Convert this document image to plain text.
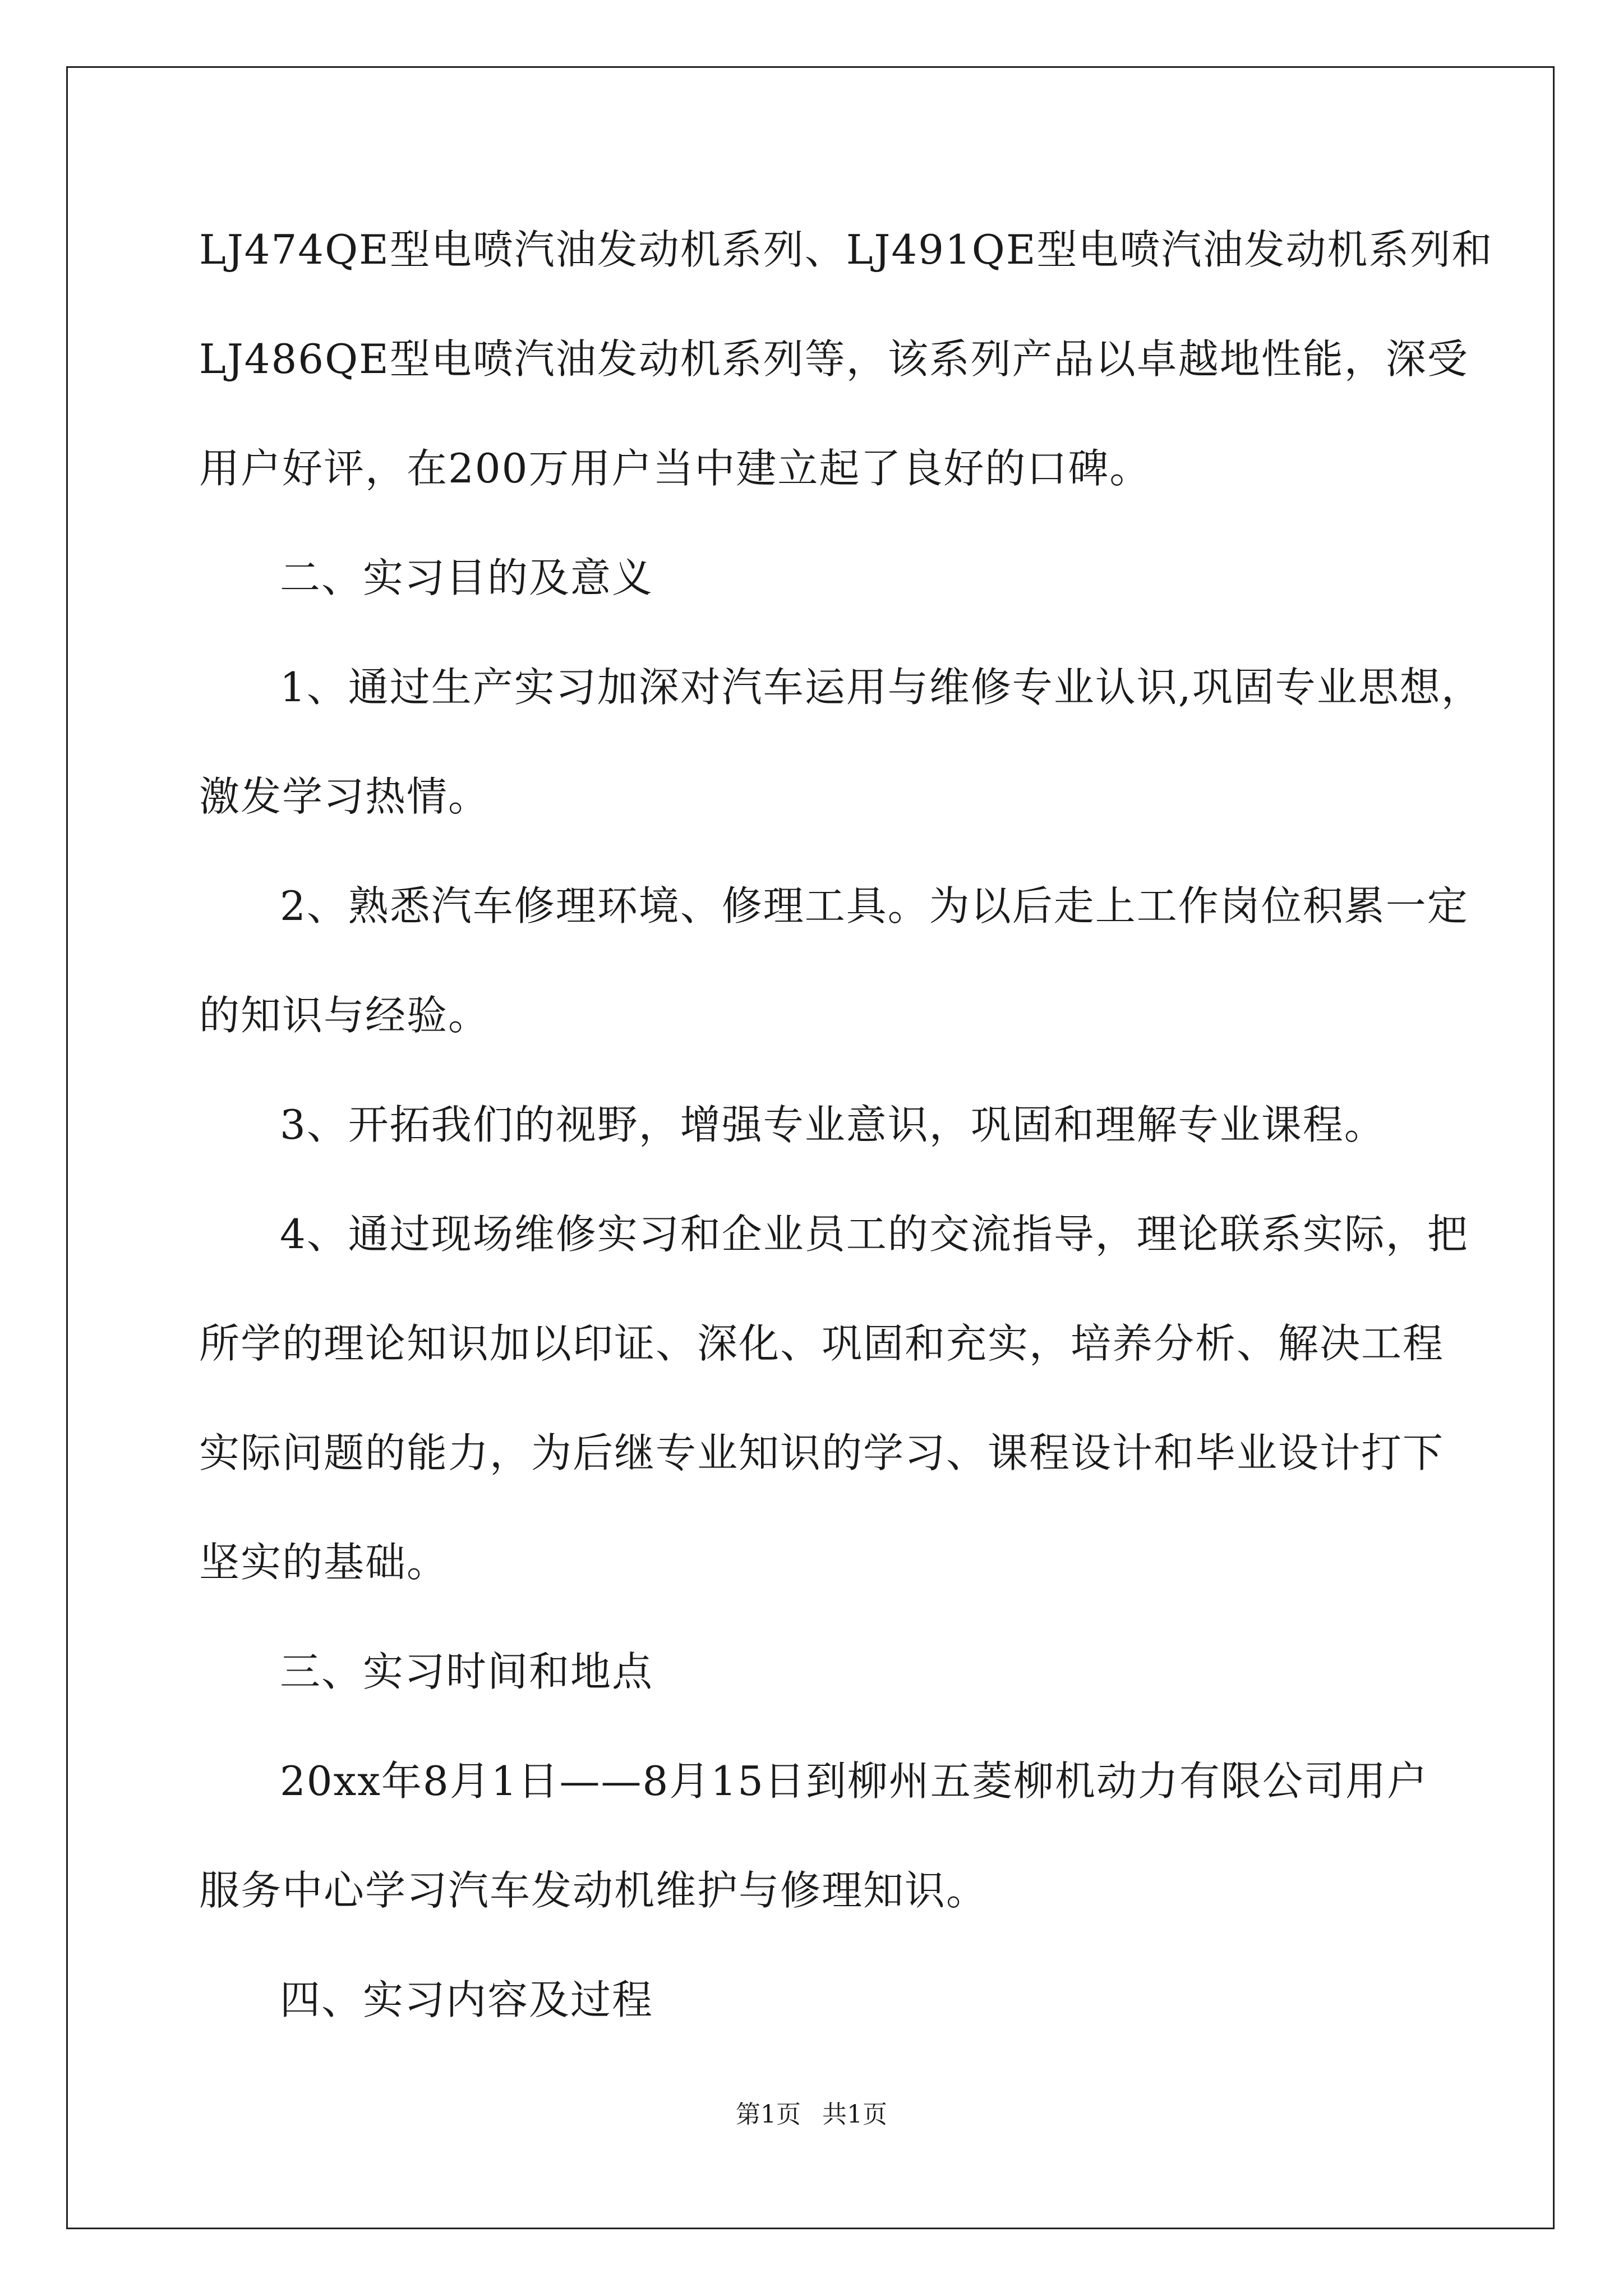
LJ474QE型电喷汽油发动机系列、LJ491QE型电喷汽油发动机系列和
LJ486QE型电喷汽油发动机系列等，该系列产品以卓越地性能，深受
用户好评，在200万用户当中建立起了良好的口碑。
二、实习目的及意义
1、通过生产实习加深对汽车运用与维修专业认识,巩固专业思想，
激发学习热情。
2、熟悉汽车修理环境、修理工具。为以后走上工作岗位积累一定
的知识与经验。
3、开拓我们的视野，增强专业意识，巩固和理解专业课程。
4、通过现场维修实习和企业员工的交流指导，理论联系实际，把
所学的理论知识加以印证、深化、巩固和充实，培养分析、解决工程
实际问题的能力，为后继专业知识的学习、课程设计和毕业设计打下
坚实的基础。
三、实习时间和地点
20xx年8月1日——8月15日到柳州五菱柳机动力有限公司用户
服务中心学习汽车发动机维护与修理知识。
四、实习内容及过程
第1页 共1页
